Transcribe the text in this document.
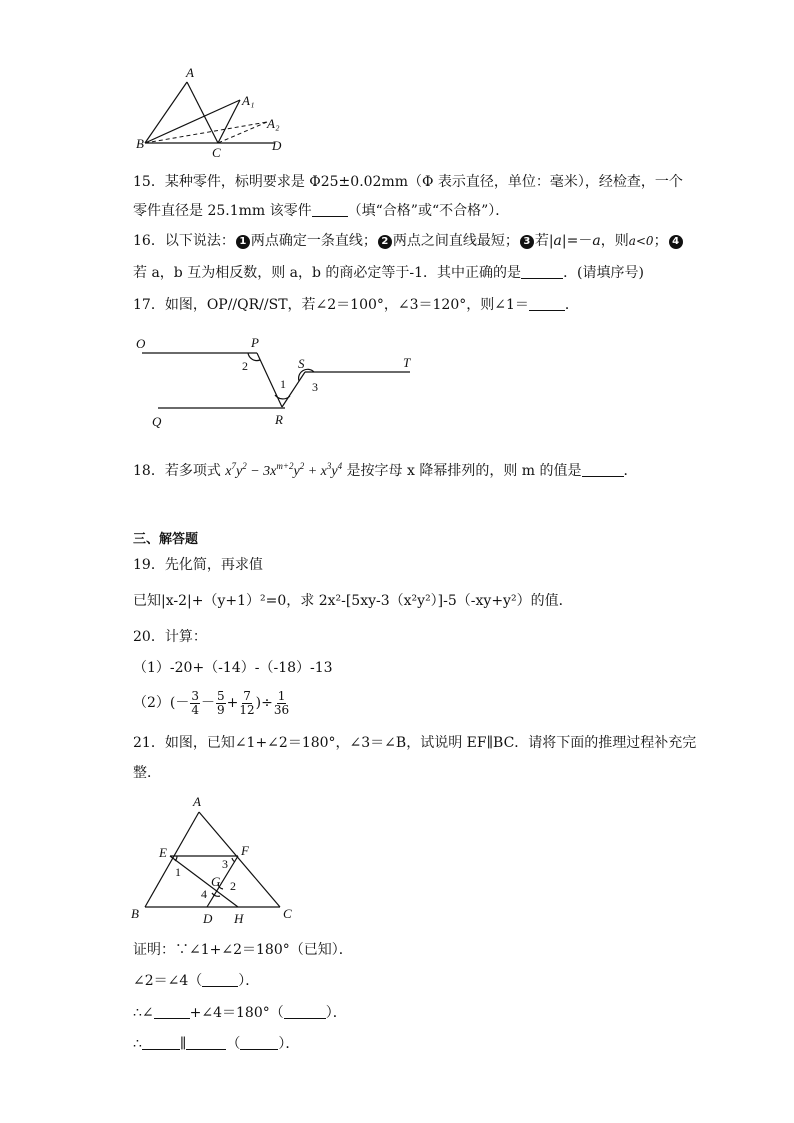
A
A₁
A₂
B
C	D
15．某种零件，标明要求是 Φ25±0.02mm（Φ 表示直径，单位：毫米），经检查，一个
零件直径是 25.1mm 该零件	（填“合格”或“不合格”）．
16．以下说法： 1 两点确定一条直线； 2 两点之间直线最短； 3 若|a|=－a，则a<0； 4
若 a，b 互为相反数，则 a，b 的商必定等于-1．其中正确的是	．(请填序号)
17．如图，OP//QR//ST，若∠2＝100°，∠3＝120°，则∠1＝	．
O	P
S	T
Q	R
2
1 3
18．若多项式 $x^7y^2 - 3x^{m+2}y^2 + x^3y^4$ 是按字母 x 降幂排列的，则 m 的值是	．
三、解答题
19．先化简，再求值
已知|x-2|+（y+1）²=0，求 2x²-[5xy-3（x²y²）]-5（-xy+y²）的值．
20．计算：
（1）-20+（-14）-（-18）-13
$(2)(- \frac{3}{4} - \frac{5}{9} + \frac{7}{12}$ )÷ $\frac{1}{36}$
21．如图，已知∠1+∠2＝180°，∠3＝∠B，试说明 EF∥BC．请将下面的推理过程补充完
整．
A
E	F
G
B	D H	C
1
2
3
4
证明：∵∠1+∠2＝180°（已知）．
∠2＝∠4（	）．
∴∠	+∠4＝180°（	）．
∴	∥	（	）．
